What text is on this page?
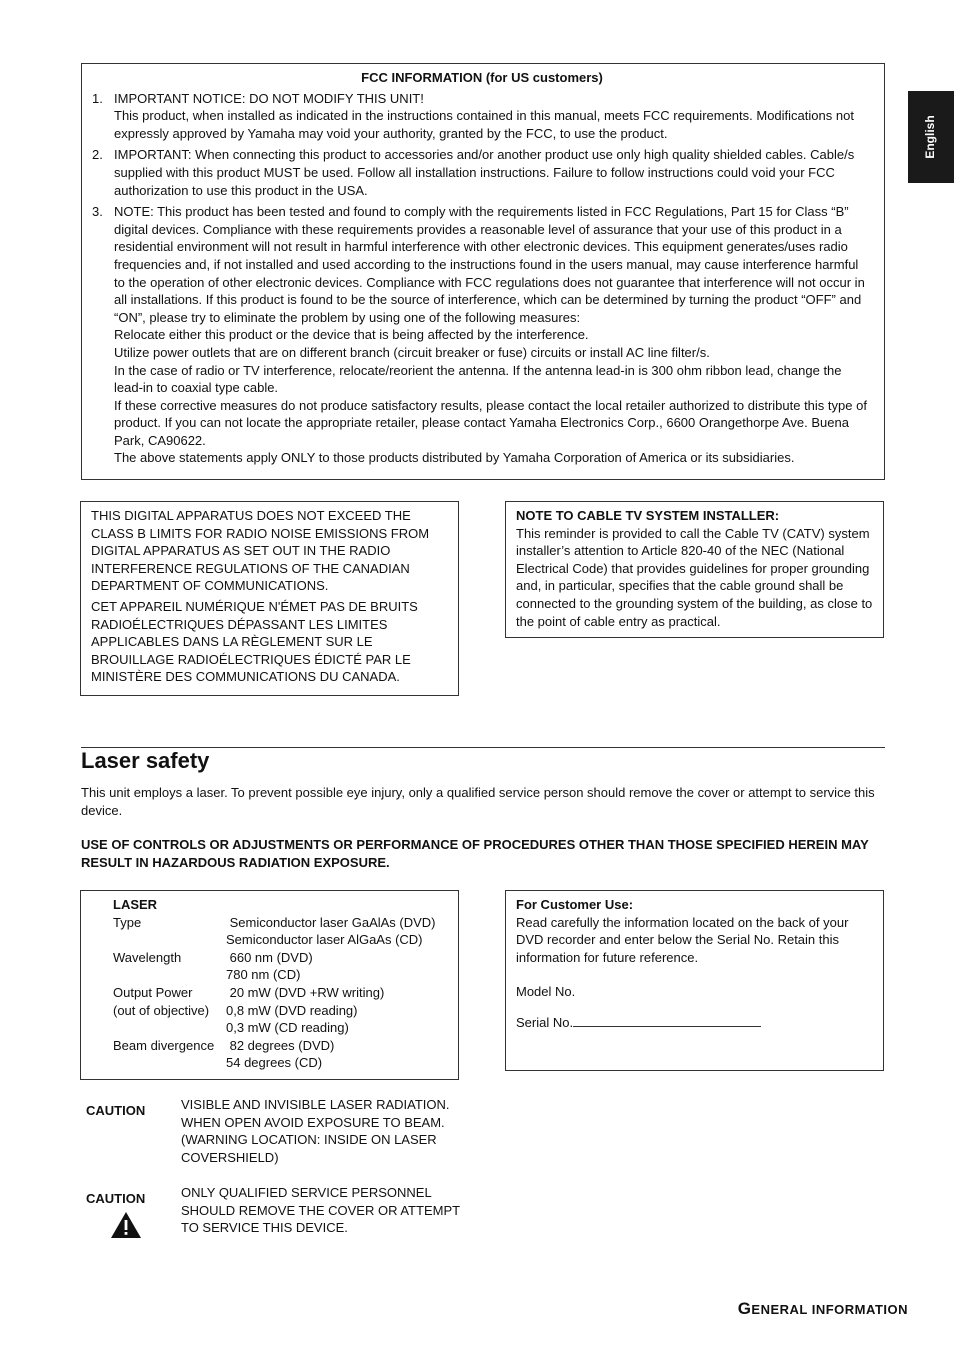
English

FCC INFORMATION (for US customers)

1. IMPORTANT NOTICE: DO NOT MODIFY THIS UNIT!

This product, when installed as indicated in the instructions contained in this manual, meets FCC requirements. Modifications not expressly approved by Yamaha may void your authority, granted by the FCC, to use the product.

2. IMPORTANT: When connecting this product to accessories and/or another product use only high quality shielded cables. Cable/s supplied with this product MUST be used. Follow all installation instructions. Failure to follow instructions could void your FCC authorization to use this product in the USA.

3. NOTE: This product has been tested and found to comply with the requirements listed in FCC Regulations, Part 15 for Class “B” digital devices. Compliance with these requirements provides a reasonable level of assurance that your use of this product in a residential environment will not result in harmful interference with other electronic devices. This equipment generates/uses radio frequencies and, if not installed and used according to the instructions found in the users manual, may cause interference harmful to the operation of other electronic devices. Compliance with FCC regulations does not guarantee that interference will not occur in all installations. If this product is found to be the source of interference, which can be determined by turning the product “OFF” and “ON”, please try to eliminate the problem by using one of the following measures:

Relocate either this product or the device that is being affected by the interference.

Utilize power outlets that are on different branch (circuit breaker or fuse) circuits or install AC line filter/s.

In the case of radio or TV interference, relocate/reorient the antenna. If the antenna lead-in is 300 ohm ribbon lead, change the lead-in to coaxial type cable.

If these corrective measures do not produce satisfactory results, please contact the local retailer authorized to distribute this type of product. If you can not locate the appropriate retailer, please contact Yamaha Electronics Corp., 6600 Orangethorpe Ave. Buena Park, CA90622.

The above statements apply ONLY to those products distributed by Yamaha Corporation of America or its subsidiaries.

THIS DIGITAL APPARATUS DOES NOT EXCEED THE CLASS B LIMITS FOR RADIO NOISE EMISSIONS FROM DIGITAL APPARATUS AS SET OUT IN THE RADIO INTERFERENCE REGULATIONS OF THE CANADIAN DEPARTMENT OF COMMUNICATIONS.

CET APPAREIL NUMÉRIQUE N'ÉMET PAS DE BRUITS RADIOÉLECTRIQUES DÉPASSANT LES LIMITES APPLICABLES DANS LA RÈGLEMENT SUR LE BROUILLAGE RADIOÉLECTRIQUES ÉDICTÉ PAR LE MINISTÈRE DES COMMUNICATIONS DU CANADA.

NOTE TO CABLE TV SYSTEM INSTALLER:

This reminder is provided to call the Cable TV (CATV) system installer’s attention to Article 820-40 of the NEC (National Electrical Code) that provides guidelines for proper grounding and, in particular, specifies that the cable ground shall be connected to the grounding system of the building, as close to the point of cable entry as practical.

Laser safety

This unit employs a laser. To prevent possible eye injury, only a qualified service person should remove the cover or attempt to service this device.

USE OF CONTROLS OR ADJUSTMENTS OR PERFORMANCE OF PROCEDURES OTHER THAN THOSE SPECIFIED HEREIN MAY RESULT IN HAZARDOUS RADIATION EXPOSURE.

LASER

Type	Semiconductor laser GaAlAs (DVD)
	Semiconductor laser AlGaAs (CD)
Wavelength	660 nm (DVD)
	780 nm (CD)
Output Power	20 mW (DVD +RW writing)
(out of objective)	0,8 mW (DVD reading)
	0,3 mW (CD reading)
Beam divergence	82 degrees (DVD)
	54 degrees (CD)

For Customer Use:

Read carefully the information located on the back of your DVD recorder and enter below the Serial No. Retain this information for future reference.

Model No.

Serial No.

CAUTION	VISIBLE AND INVISIBLE LASER RADIATION. WHEN OPEN AVOID EXPOSURE TO BEAM. (WARNING LOCATION: INSIDE ON LASER COVERSHIELD)

CAUTION	ONLY QUALIFIED SERVICE PERSONNEL SHOULD REMOVE THE COVER OR ATTEMPT TO SERVICE THIS DEVICE.

GENERAL INFORMATION
